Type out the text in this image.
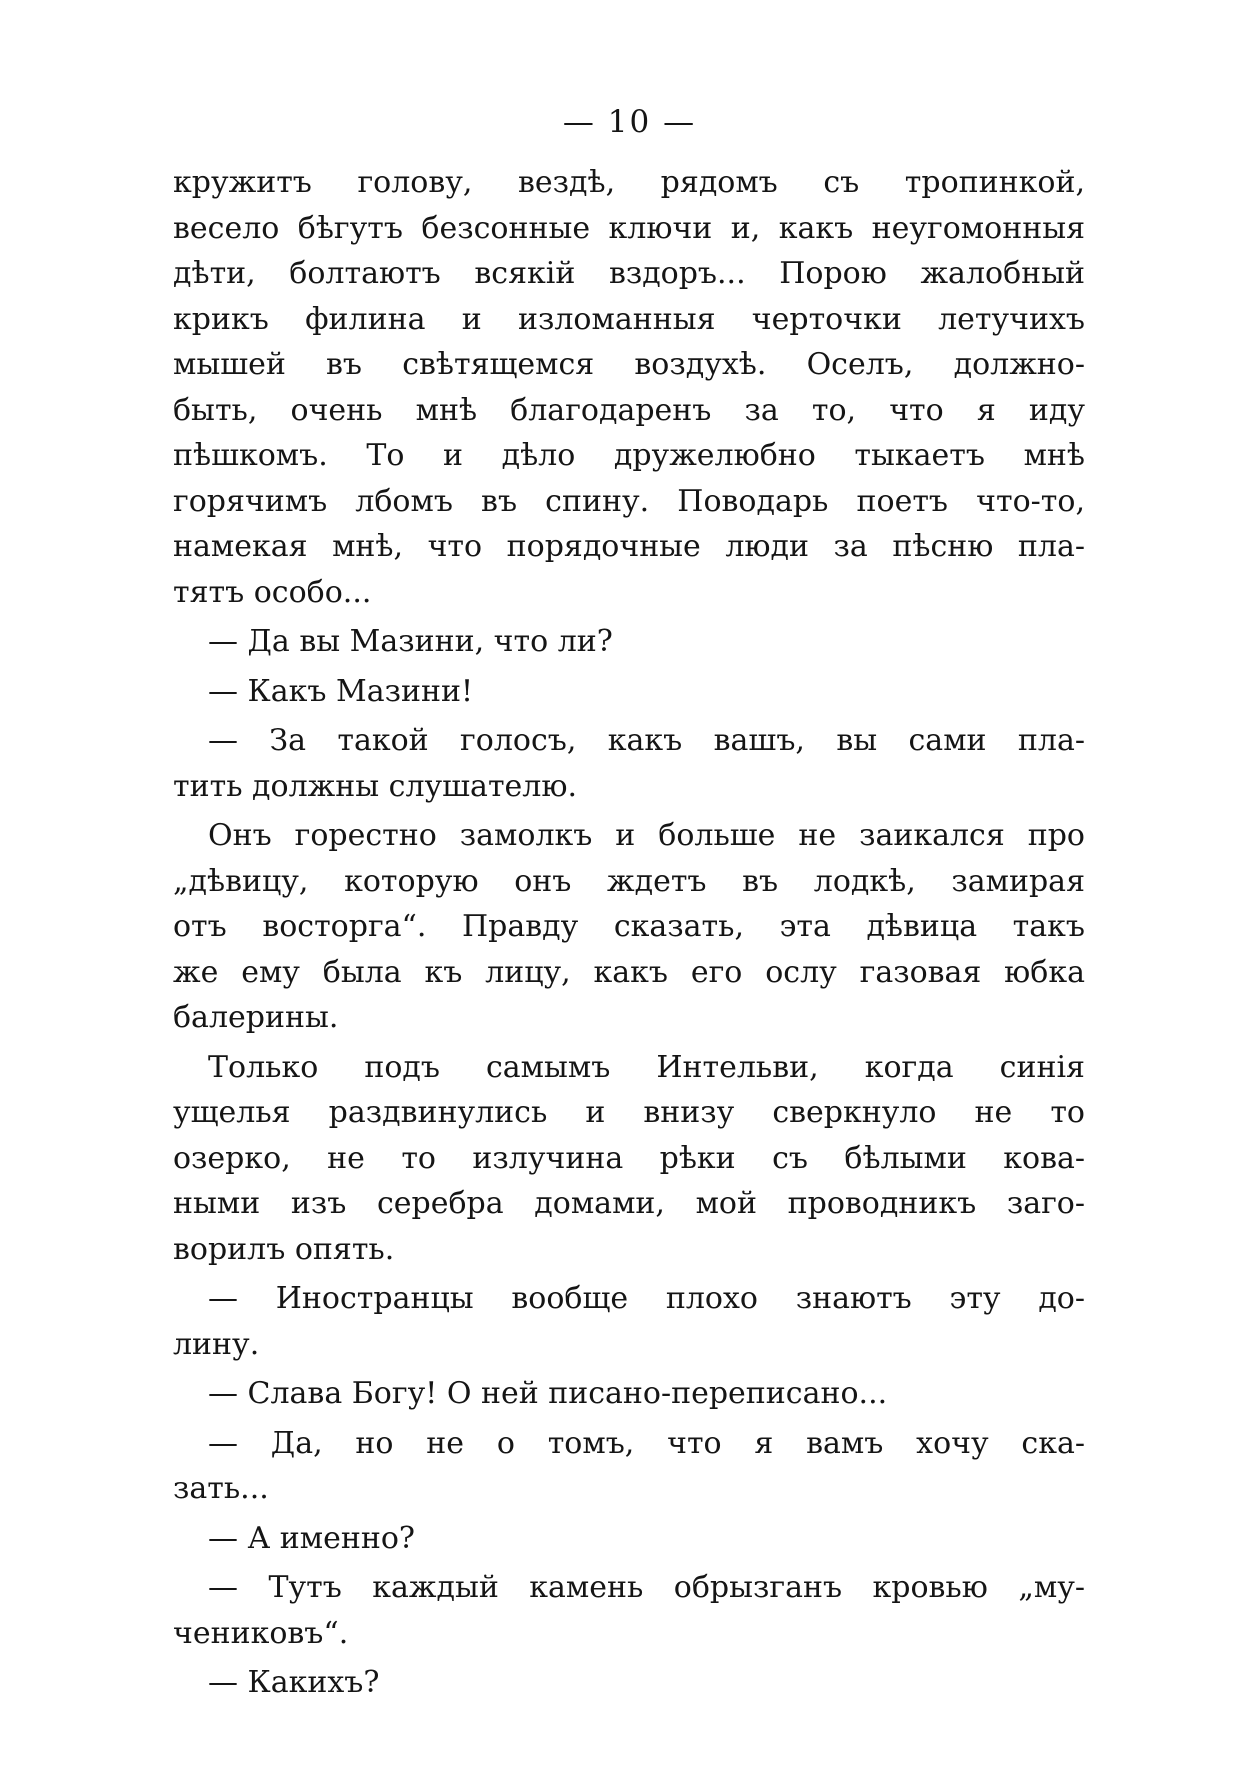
— 10 —
кружитъ голову, вездѣ, рядомъ съ тропинкой,
весело бѣгутъ безсонные ключи и, какъ неугомонныя
дѣти, болтаютъ всякій вздоръ... Порою жалобный
крикъ филина и изломанныя черточки летучихъ
мышей въ свѣтящемся воздухѣ. Оселъ, должно-
быть, очень мнѣ благодаренъ за то, что я иду
пѣшкомъ. То и дѣло дружелюбно тыкаетъ мнѣ
горячимъ лбомъ въ спину. Поводарь поетъ что-то,
намекая мнѣ, что порядочные люди за пѣсню пла-
тятъ особо...
— Да вы Мазини, что ли?
— Какъ Мазини!
— За такой голосъ, какъ вашъ, вы сами пла-
тить должны слушателю.
Онъ горестно замолкъ и больше не заикался про
„дѣвицу, которую онъ ждетъ въ лодкѣ, замирая
отъ восторга“. Правду сказать, эта дѣвица такъ
же ему была къ лицу, какъ его ослу газовая юбка
балерины.
Только подъ самымъ Интельви, когда синія
ущелья раздвинулись и внизу сверкнуло не то
озерко, не то излучина рѣки съ бѣлыми кова-
ными изъ серебра домами, мой проводникъ заго-
ворилъ опять.
— Иностранцы вообще плохо знаютъ эту до-
лину.
— Слава Богу! О ней писано-переписано...
— Да, но не о томъ, что я вамъ хочу ска-
зать...
— А именно?
— Тутъ каждый камень обрызганъ кровью „му-
чениковъ“.
— Какихъ?
